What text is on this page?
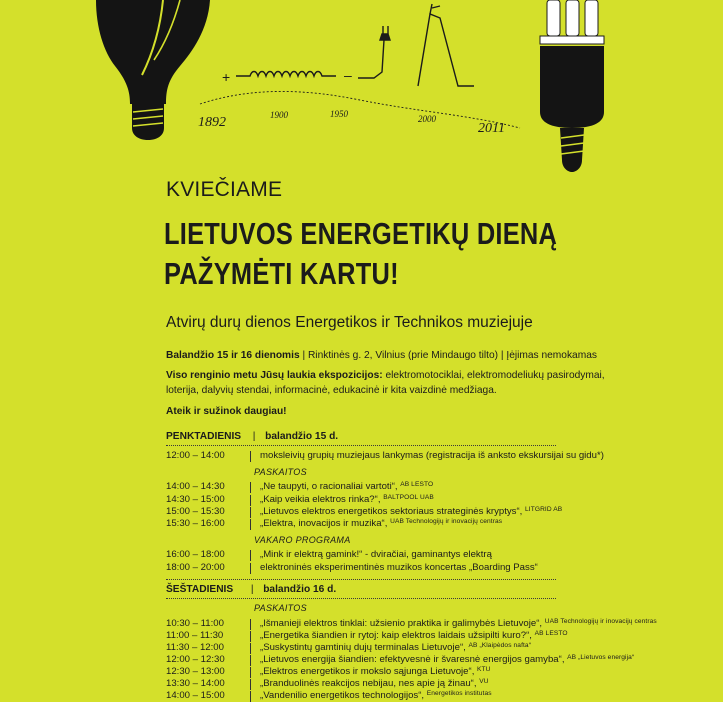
+	–
1892	1900	1950	2000
2011
KVIEČIAME
LIETUVOS ENERGETIKŲ DIENĄ
PAŽYMĖTI KARTU!
Atvirų durų dienos Energetikos ir Technikos muziejuje
Balandžio 15 ir 16 dienomis | Rinktinės g. 2, Vilnius (prie Mindaugo tilto) | Įėjimas nemokamas
Viso renginio metu Jūsų laukia ekspozicijos: elektromotociklai, elektromodeliukų pasirodymai,
loterija, dalyvių stendai, informacinė, edukacinė ir kita vaizdinė medžiaga.
Ateik ir sužinok daugiau!
PENKTADIENIS | balandžio 15 d.
12:00 – 14:00	moksleivių grupių muziejaus lankymas (registracija iš anksto ekskursijai su gidu*)
PASKAITOS
14:00 – 14:30	„Ne taupyti, o racionaliai vartoti“,
AB LESTO
14:30 – 15:00	„Kaip veikia elektros rinka?“,
BALTPOOL UAB
15:00 – 15:30	„Lietuvos elektros energetikos sektoriaus strateginės kryptys“,
LITGRID AB
15:30 – 16:00	„Elektra, inovacijos ir muzika“,
UAB Technologijų ir inovacijų centras
VAKARO PROGRAMA
16:00 – 18:00	„Mink ir elektrą gamink!“ - dviračiai, gaminantys elektrą
18:00 – 20:00	elektroninės eksperimentinės muzikos koncertas „Boarding Pass“
ŠEŠTADIENIS | balandžio 16 d.
PASKAITOS
10:30 – 11:00	„Išmanieji elektros tinklai: užsienio praktika ir galimybės Lietuvoje“,
UAB Technologijų ir inovacijų centras
11:00 – 11:30	„Energetika šiandien ir rytoj: kaip elektros laidais užsipilti kuro?“,
AB LESTO
11:30 – 12:00	„Suskystintų gamtinių dujų terminalas Lietuvoje“,
AB „Klaipėdos nafta“
12:00 – 12:30	„Lietuvos energija šiandien: efektyvesnė ir švaresnė energijos gamyba“,
AB „Lietuvos energija“
12:30 – 13:00	„Elektros energetikos ir mokslo sąjunga Lietuvoje“,
KTU
13:30 – 14:00	„Branduolinės reakcijos nebijau, nes apie ją žinau“,
VU
14:00 – 15:00	„Vandenilio energetikos technologijos“,
Energetikos institutas
